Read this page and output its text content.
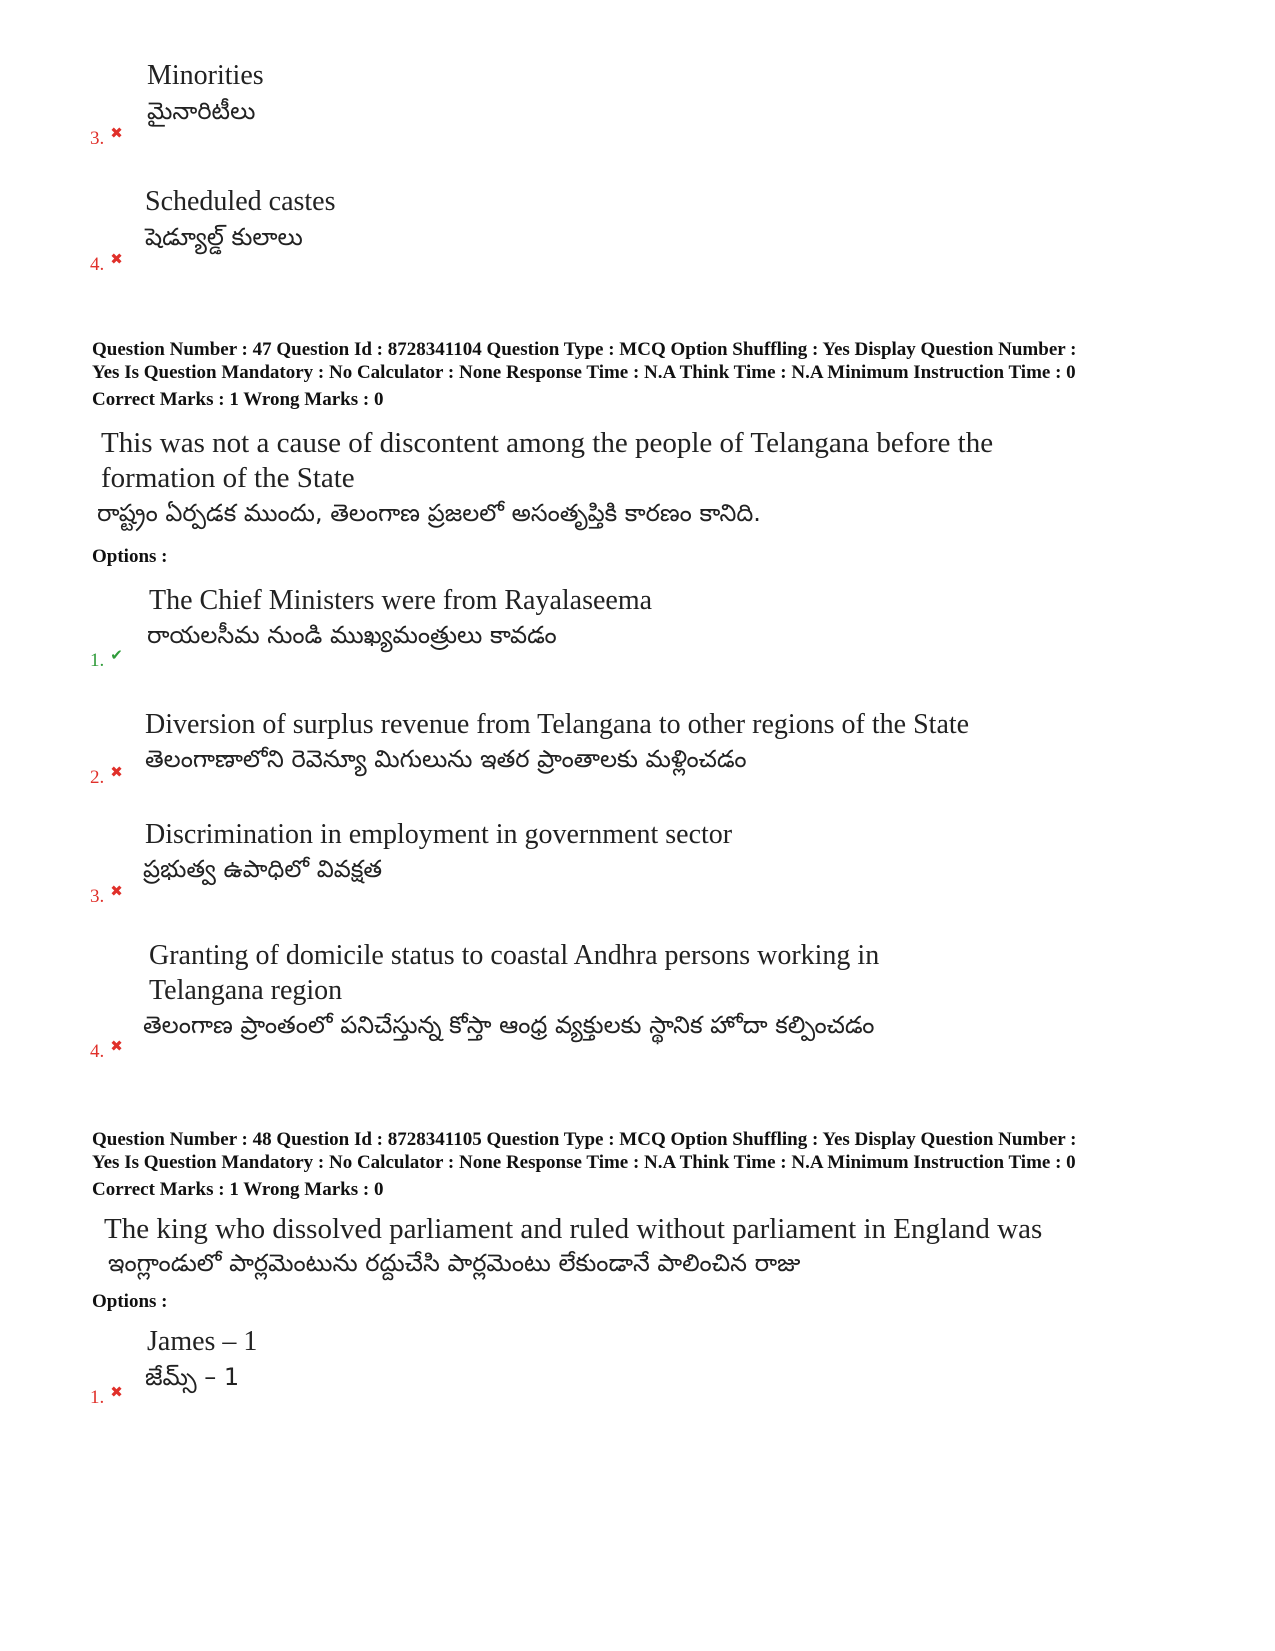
Minorities
మైనారిటీలు
3. ✖
Scheduled castes
షెడ్యూల్డ్ కులాలు
4. ✖
Question Number : 47 Question Id : 8728341104 Question Type : MCQ Option Shuffling : Yes Display Question Number :
Yes Is Question Mandatory : No Calculator : None Response Time : N.A Think Time : N.A Minimum Instruction Time : 0
Correct Marks : 1 Wrong Marks : 0
This was not a cause of discontent among the people of Telangana before the
formation of the State
రాష్ట్రం ఏర్పడక ముందు, తెలంగాణ ప్రజలలో అసంతృప్తికి కారణం కానిది.
Options :
The Chief Ministers were from Rayalaseema
రాయలసీమ నుండి ముఖ్యమంత్రులు కావడం
1. ✔
Diversion of surplus revenue from Telangana to other regions of the State
తెలంగాణాలోని రెవెన్యూ మిగులును ఇతర ప్రాంతాలకు మళ్లించడం
2. ✖
Discrimination in employment in government sector
ప్రభుత్వ ఉపాధిలో వివక్షత
3. ✖
Granting of domicile status to coastal Andhra persons working in
Telangana region
తెలంగాణ ప్రాంతంలో పనిచేస్తున్న కోస్తా ఆంధ్ర వ్యక్తులకు స్థానిక హోదా కల్పించడం
4. ✖
Question Number : 48 Question Id : 8728341105 Question Type : MCQ Option Shuffling : Yes Display Question Number :
Yes Is Question Mandatory : No Calculator : None Response Time : N.A Think Time : N.A Minimum Instruction Time : 0
Correct Marks : 1 Wrong Marks : 0
The king who dissolved parliament and ruled without parliament in England was
ఇంగ్లాండులో పార్లమెంటును రద్దుచేసి పార్లమెంటు లేకుండానే పాలించిన రాజు
Options :
James – 1
జేమ్స్ – 1
1. ✖
